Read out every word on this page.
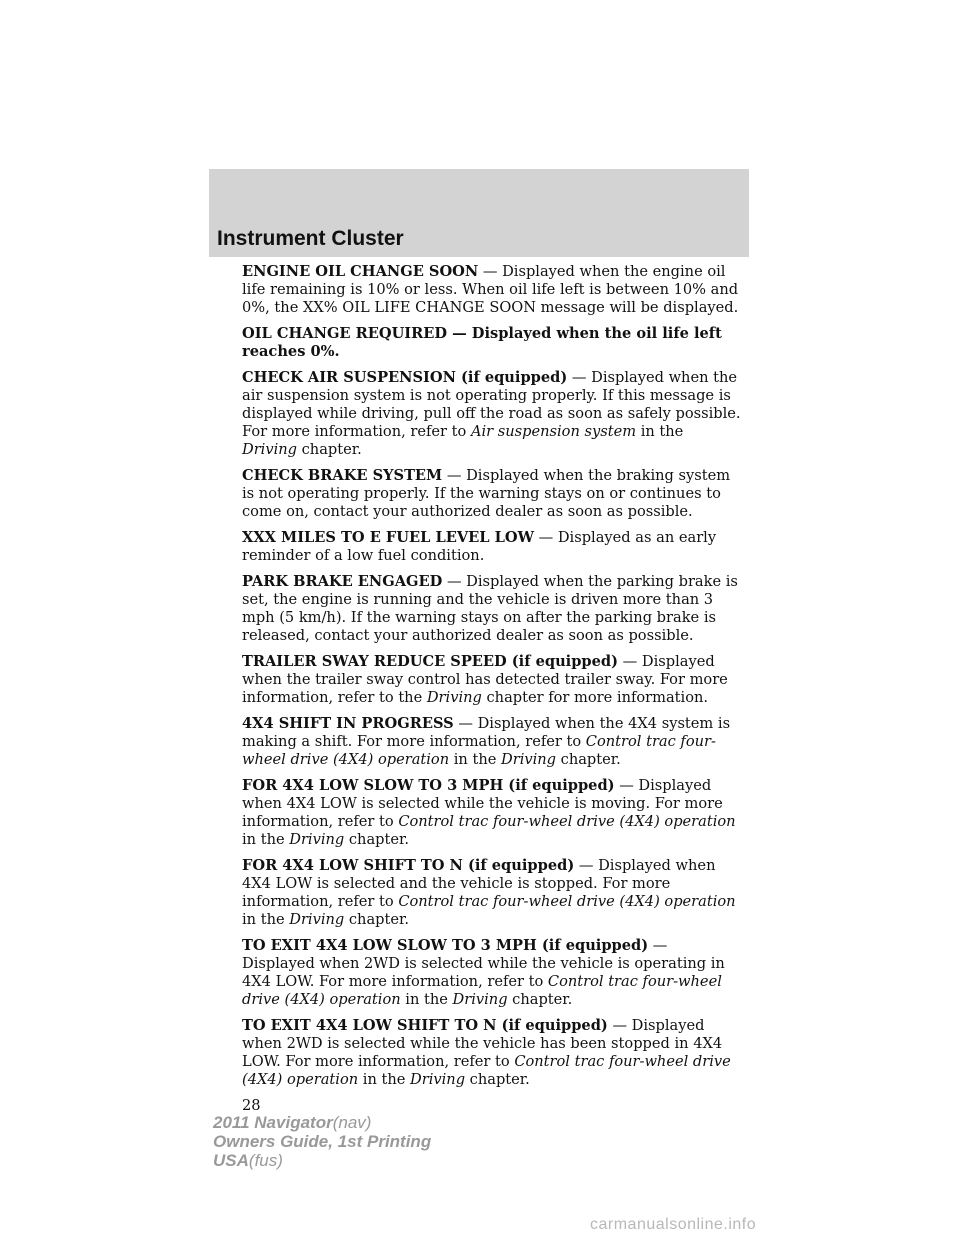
Instrument Cluster

ENGINE OIL CHANGE SOON — Displayed when the engine oil life remaining is 10% or less. When oil life left is between 10% and 0%, the XX% OIL LIFE CHANGE SOON message will be displayed.

OIL CHANGE REQUIRED — Displayed when the oil life left reaches 0%.

CHECK AIR SUSPENSION (if equipped) — Displayed when the air suspension system is not operating properly. If this message is displayed while driving, pull off the road as soon as safely possible. For more information, refer to Air suspension system in the Driving chapter.

CHECK BRAKE SYSTEM — Displayed when the braking system is not operating properly. If the warning stays on or continues to come on, contact your authorized dealer as soon as possible.

XXX MILES TO E FUEL LEVEL LOW — Displayed as an early reminder of a low fuel condition.

PARK BRAKE ENGAGED — Displayed when the parking brake is set, the engine is running and the vehicle is driven more than 3 mph (5 km/h). If the warning stays on after the parking brake is released, contact your authorized dealer as soon as possible.

TRAILER SWAY REDUCE SPEED (if equipped) — Displayed when the trailer sway control has detected trailer sway. For more information, refer to the Driving chapter for more information.

4X4 SHIFT IN PROGRESS — Displayed when the 4X4 system is making a shift. For more information, refer to Control trac four-wheel drive (4X4) operation in the Driving chapter.

FOR 4X4 LOW SLOW TO 3 MPH (if equipped) — Displayed when 4X4 LOW is selected while the vehicle is moving. For more information, refer to Control trac four-wheel drive (4X4) operation in the Driving chapter.

FOR 4X4 LOW SHIFT TO N (if equipped) — Displayed when 4X4 LOW is selected and the vehicle is stopped. For more information, refer to Control trac four-wheel drive (4X4) operation in the Driving chapter.

TO EXIT 4X4 LOW SLOW TO 3 MPH (if equipped) — Displayed when 2WD is selected while the vehicle is operating in 4X4 LOW. For more information, refer to Control trac four-wheel drive (4X4) operation in the Driving chapter.

TO EXIT 4X4 LOW SHIFT TO N (if equipped) — Displayed when 2WD is selected while the vehicle has been stopped in 4X4 LOW. For more information, refer to Control trac four-wheel drive (4X4) operation in the Driving chapter.

28
2011 Navigator(nav)
Owners Guide, 1st Printing
USA(fus)
carmanualsonline.info
